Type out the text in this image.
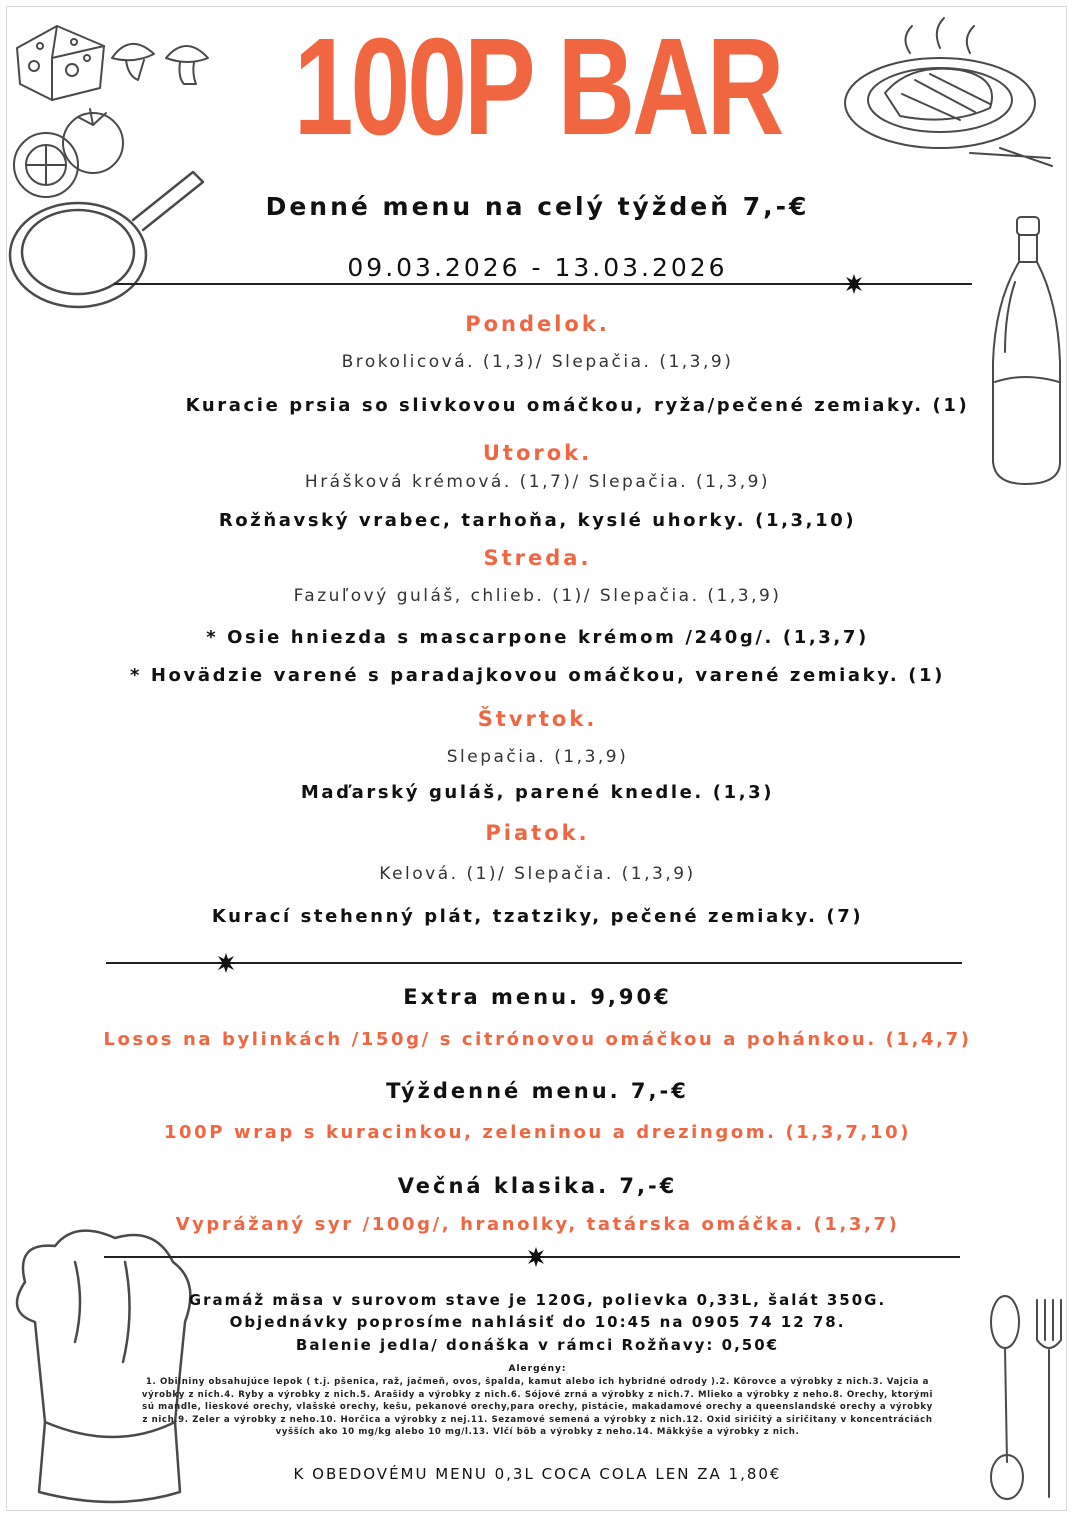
100P BAR
Denné menu na celý týždeň 7,-€
09.03.2026 - 13.03.2026
Pondelok.
Brokolicová. (1,3)/ Slepačia. (1,3,9)
Kuracie prsia so slivkovou omáčkou, ryža/pečené zemiaky. (1)
Utorok.
Hrášková krémová. (1,7)/ Slepačia. (1,3,9)
Rožňavský vrabec, tarhoňa, kyslé uhorky. (1,3,10)
Streda.
Fazuľový guláš, chlieb. (1)/ Slepačia. (1,3,9)
* Osie hniezda s mascarpone krémom /240g/. (1,3,7)
* Hovädzie varené s paradajkovou omáčkou, varené zemiaky. (1)
Štvrtok.
Slepačia. (1,3,9)
Maďarský guláš, parené knedle. (1,3)
Piatok.
Kelová. (1)/ Slepačia. (1,3,9)
Kurací stehenný plát, tzatziky, pečené zemiaky. (7)
Extra menu. 9,90€
Losos na bylinkách /150g/ s citrónovou omáčkou a pohánkou. (1,4,7)
Týždenné menu. 7,-€
100P wrap s kuracinkou, zeleninou a drezingom. (1,3,7,10)
Večná klasika. 7,-€
Vyprážaný syr /100g/, hranolky, tatárska omáčka. (1,3,7)
Gramáž mäsa v surovom stave je 120G, polievka 0,33L, šalát 350G.
Objednávky poprosíme nahlásiť do 10:45 na 0905 74 12 78.
Balenie jedla/ donáška v rámci Rožňavy: 0,50€
Alergény:
1. Obilniny obsahujúce lepok ( t.j. pšenica, raž, jačmeň, ovos, špalda, kamut alebo ich hybridné odrody ).2. Kôrovce a výrobky z nich.3. Vajcia a výrobky z nich.4. Ryby a výrobky z nich.5. Arašidy a výrobky z nich.6. Sójové zrná a výrobky z nich.7. Mlieko a výrobky z neho.8. Orechy, ktorými sú mandle, lieskové orechy, vlašské orechy, kešu, pekanové orechy,para orechy, pistácie, makadamové orechy a queenslandské orechy a výrobky z nich.9. Zeler a výrobky z neho.10. Horčica a výrobky z nej.11. Sezamové semená a výrobky z nich.12. Oxid siričitý a siričitany v koncentráciách vyšších ako 10 mg/kg alebo 10 mg/l.13. Vlčí bôb a výrobky z neho.14. Mäkkýše a výrobky z nich.
K OBEDOVÉMU MENU 0,3L COCA COLA LEN ZA 1,80€
